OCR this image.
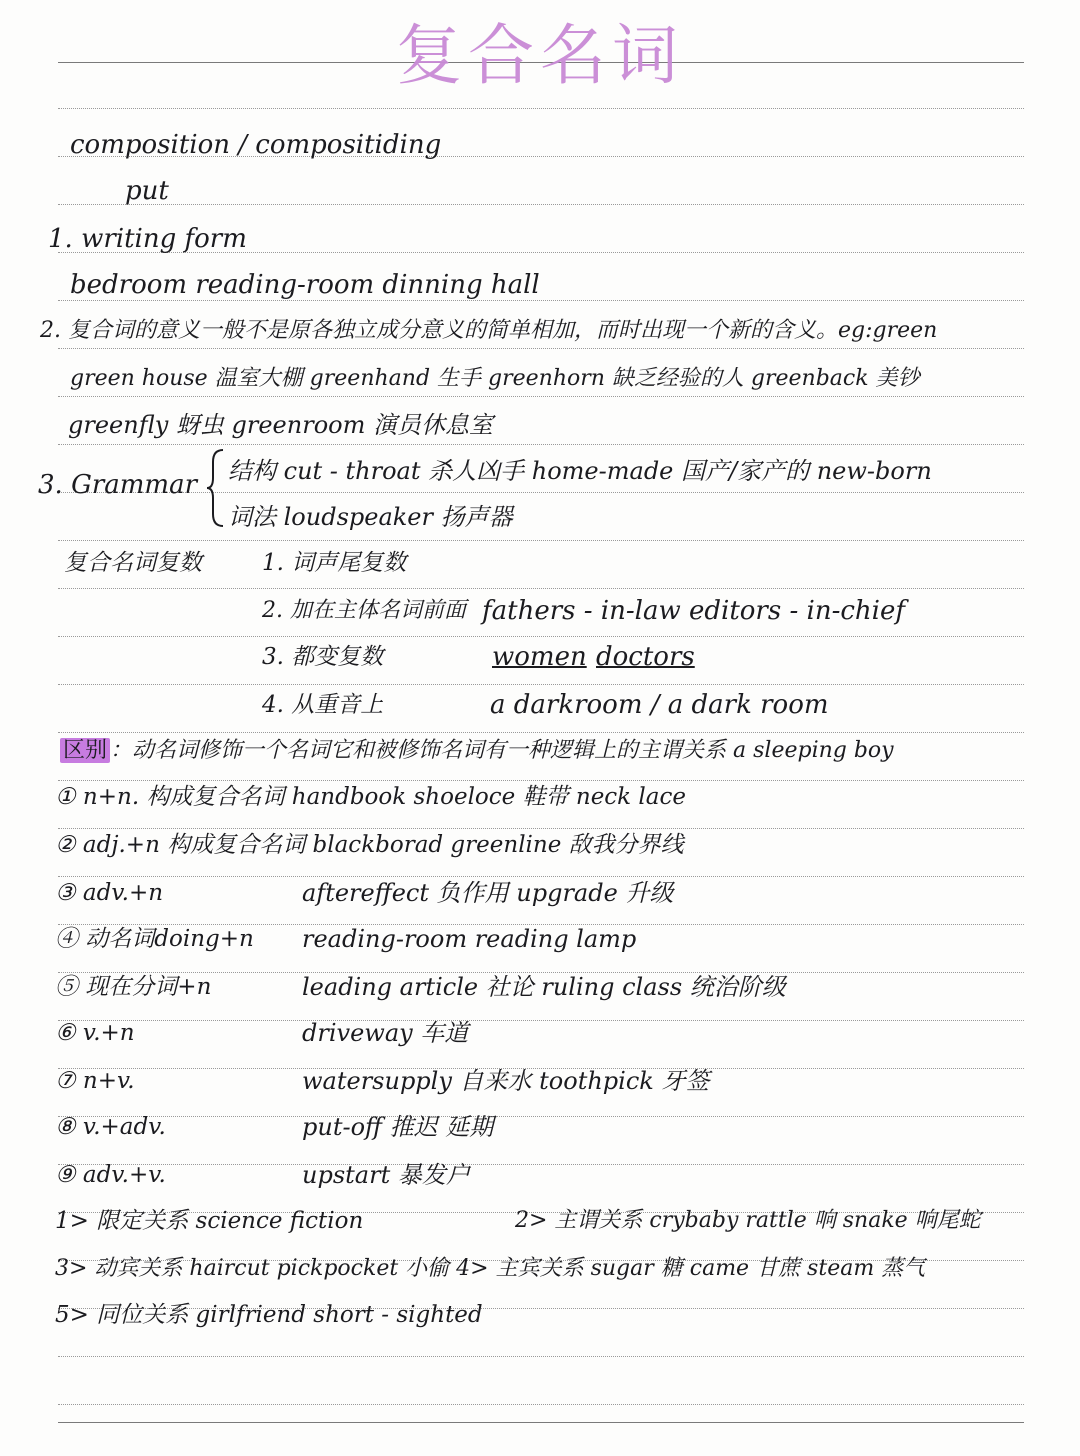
复合名词
composition / compositiding
put
1. writing form
bedroom reading-room dinning hall
2. 复合词的意义一般不是原各独立成分意义的简单相加，而时出现一个新的含义。eg:green
green house 温室大棚 greenhand 生手 greenhorn 缺乏经验的人 greenback 美钞
greenfly 蚜虫 greenroom 演员休息室
3. Grammar 结构 cut - throat 杀人凶手 home-made 国产/家产的 new-born
词法 loudspeaker 扬声器
复合名词复数	1. 词声尾复数
2. 加在主体名词前面 fathers - in-law editors - in-chief
3. 都变复数	women doctors
4. 从重音上	a darkroom / a dark room
区别 ：动名词修饰一个名词它和被修饰名词有一种逻辑上的主谓关系 a sleeping boy
① n+n. 构成复合名词 handbook shoeloce 鞋带 neck lace
② adj.+n 构成复合名词 blackborad greenline 敌我分界线
③ adv.+n	aftereffect 负作用 upgrade 升级
④ 动名词doing+n reading-room reading lamp
⑤ 现在分词+n	leading article 社论 ruling class 统治阶级
⑥ v.+n	driveway 车道
⑦ n+v.	watersupply 自来水 toothpick 牙签
⑧ v.+adv.	put-off 推迟 延期
⑨ adv.+v.	upstart 暴发户
1> 限定关系 science fiction	2> 主谓关系 crybaby rattle 响 snake 响尾蛇
3> 动宾关系 haircut pickpocket 小偷 4> 主宾关系 sugar 糖 came 甘蔗 steam 蒸气
5> 同位关系 girlfriend short - sighted
